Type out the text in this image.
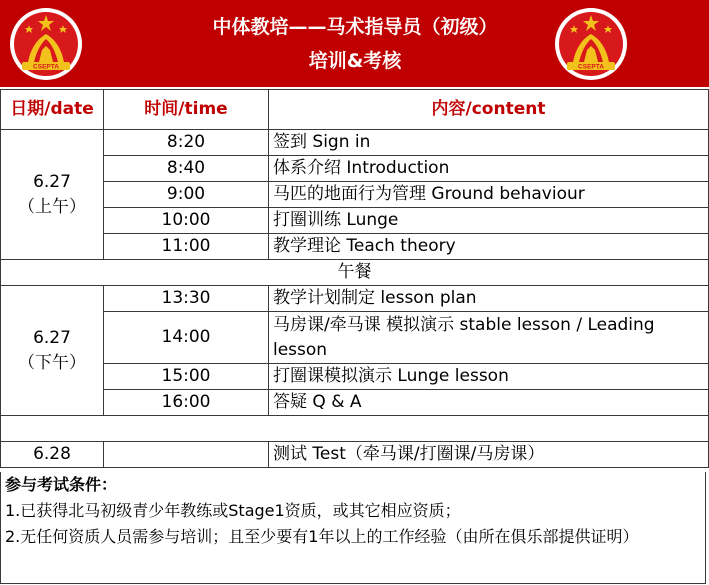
CSEPTA
中体教培——马术指导员（初级）
培训&考核	CSEPTA
日期/date	时间/time	内容/content

6.27
（上午）	8:20	签到 Sign in
	8:40	体系介绍 Introduction
	9:00	马匹的地面行为管理 Ground behaviour
	10:00	打圈训练 Lunge
	11:00	教学理论 Teach theory
午餐		

6.27
（下午）	13:30	教学计划制定 lesson plan
	14:00	马房课/牵马课 模拟演示 stable lesson / Leading lesson
	15:00	打圈课模拟演示 Lunge lesson
	16:00	答疑 Q & A

6.28		测试 Test（牵马课/打圈课/马房课）
参与考试条件：
1.已获得北马初级青少年教练或Stage1资质，或其它相应资质；
2.无任何资质人员需参与培训；且至少要有1年以上的工作经验（由所在俱乐部提供证明）
